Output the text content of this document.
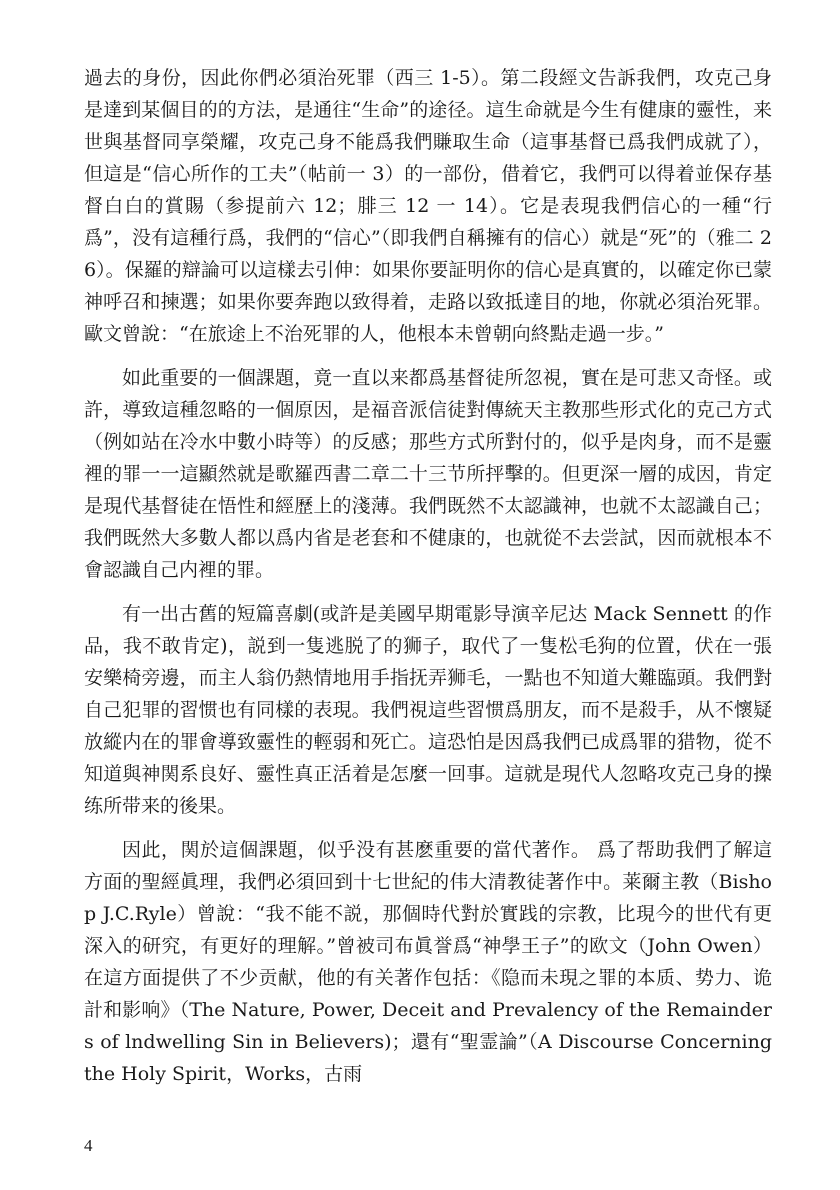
過去的身份，因此你們必須治死罪（西三 1-5）。第二段經文告訴我們，攻克己身是達到某個目的的方法，是通往“生命”的途径。這生命就是今生有健康的靈性，来世與基督同享榮耀，攻克己身不能爲我們賺取生命（這事基督已爲我們成就了），但這是“信心所作的工夫”（帖前一 3）的一部份，借着它，我們可以得着並保存基督白白的賞賜（参提前六 12；腓三 12 一 14）。它是表現我們信心的一種“行爲”，没有這種行爲，我們的“信心”（即我們自稱擁有的信心）就是“死”的（雅二 26）。保羅的辯論可以這樣去引伸：如果你要証明你的信心是真實的，以確定你已蒙神呼召和揀選；如果你要奔跑以致得着，走路以致抵達目的地，你就必須治死罪。歐文曾說：“在旅途上不治死罪的人，他根本未曾朝向終點走過一步。”

如此重要的一個課題，竟一直以来都爲基督徒所忽視，實在是可悲又奇怪。或許，導致這種忽略的一個原因，是福音派信徒對傳統天主教那些形式化的克己方式（例如站在冷水中數小時等）的反感；那些方式所對付的，似乎是肉身，而不是靈裡的罪一一這顯然就是歌羅西書二章二十三节所抨擊的。但更深一層的成因，肯定是現代基督徒在悟性和經歷上的淺薄。我們既然不太認識神，也就不太認識自己；我們既然大多數人都以爲内省是老套和不健康的，也就從不去尝試，因而就根本不會認識自己内裡的罪。

有一出古舊的短篇喜劇(或許是美國早期電影导演辛尼达 Mack Sennett 的作品，我不敢肯定)，説到一隻逃脱了的狮子，取代了一隻松毛狗的位置，伏在一張安樂椅旁邊，而主人翁仍熱情地用手指抚弄狮毛，一點也不知道大難臨頭。我們對自己犯罪的習惯也有同樣的表現。我們視這些習惯爲朋友，而不是殺手，从不懷疑放縱内在的罪會導致靈性的輕弱和死亡。這恐怕是因爲我們已成爲罪的猎物，從不知道與神関系良好、靈性真正活着是怎麼一回事。這就是現代人忽略攻克己身的操练所带来的後果。

因此，関於這個課題，似乎没有甚麽重要的當代著作。 爲了帮助我們了解這方面的聖經眞理，我們必須回到十七世紀的伟大清教徒著作中。莱爾主教（Bishop J.C.Ryle）曾說：“我不能不説，那個時代對於實践的宗教，比現今的世代有更深入的研究，有更好的理解。”曾被司布眞誉爲“神學王子”的欧文（John Owen）在這方面提供了不少贡献，他的有关著作包括：《隐而未現之罪的本质、势力、诡計和影响》（The Nature, Power, Deceit and Prevalency of the Remainders of lndwelling Sin in Believers)；還有“聖霊論”（A Discourse Concerning the Holy Spirit，Works，古雨

4
